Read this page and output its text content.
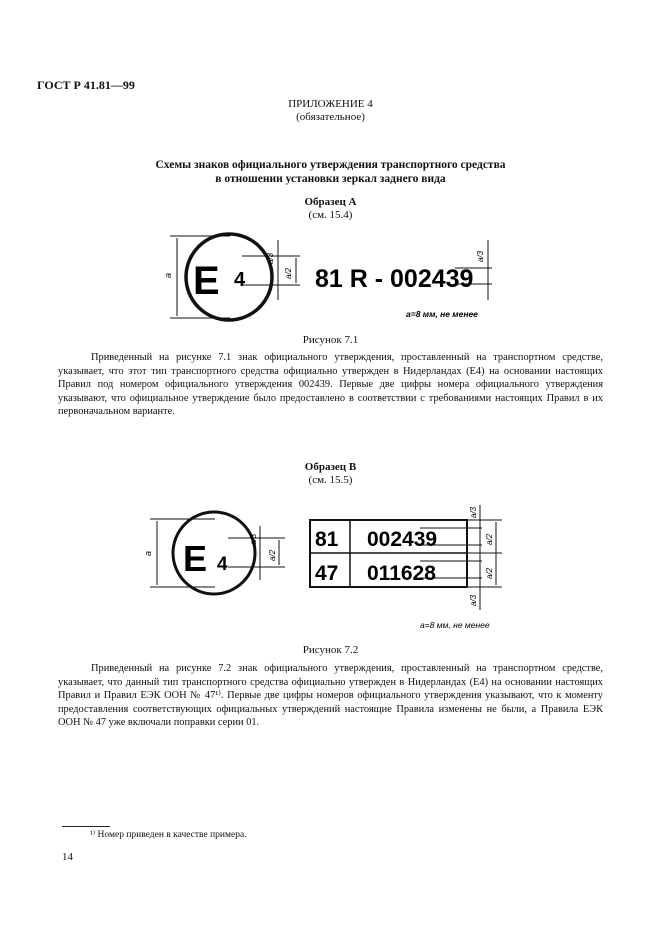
ГОСТ Р 41.81—99
ПРИЛОЖЕНИЕ 4
(обязательное)
Схемы знаков официального утверждения транспортного средства
в отношении установки зеркал заднего вида
Образец A
(см. 15.4)
E 4	81 R - 002439
a
a/3
a/2
a/3
a=8 мм, не менее
E 4
81 002439
47 011628
a
a/3
a/2
a/3
a/2
a/2
a/3
a=8 мм, не менее
Рисунок 7.1

Приведенный на рисунке 7.1 знак официального утверждения, проставленный на транспортном средстве, указывает, что этот тип транспортного средства официально утвержден в Нидерландах (E4) на основании настоящих Правил под номером официального утверждения 002439. Первые две цифры номера официального утверждения указывают, что официальное утверждение было предоставлено в соответствии с требованиями настоящих Правил в их первоначальном варианте.

Образец B
(см. 15.5)
Рисунок 7.2

Приведенный на рисунке 7.2 знак официального утверждения, проставленный на транспортном средстве, указывает, что данный тип транспортного средства официально утвержден в Нидерландах (E4) на основании настоящих Правил и Правил ЕЭК ООН № 47¹⁾. Первые две цифры номеров официального утверждения указывают, что к моменту предоставления соответствующих официальных утверждений настоящие Правила изменены не были, а Правила ЕЭК ООН № 47 уже включали поправки серии 01.

¹⁾ Номер приведен в качестве примера.
14
